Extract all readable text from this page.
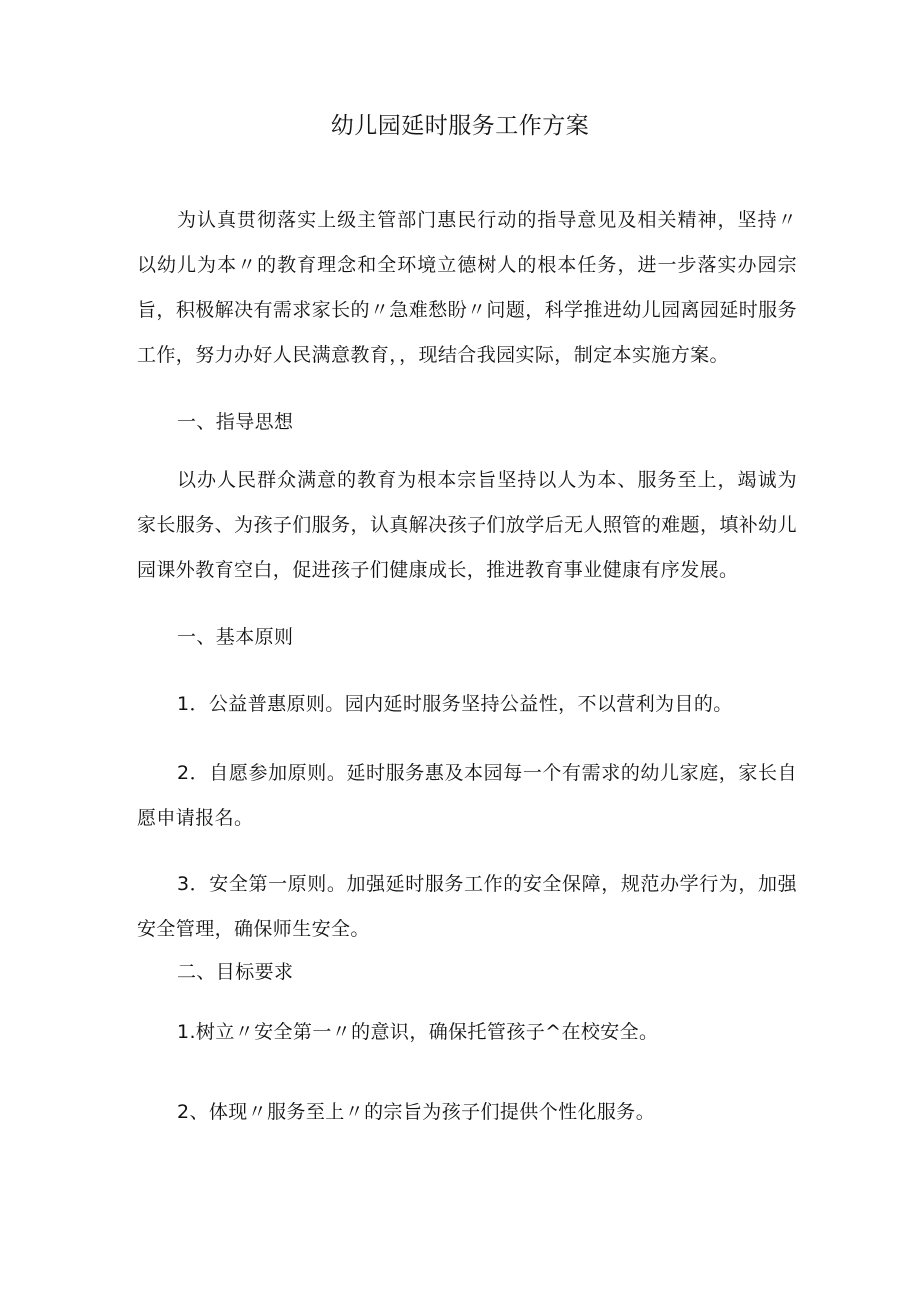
幼儿园延时服务工作方案

为认真贯彻落实上级主管部门惠民行动的指导意见及相关精神，坚持〃以幼儿为本〃的教育理念和全环境立德树人的根本任务，进一步落实办园宗旨，积极解决有需求家长的〃急难愁盼〃问题，科学推进幼儿园离园延时服务工作，努力办好人民满意教育，，现结合我园实际，制定本实施方案。

一、指导思想

以办人民群众满意的教育为根本宗旨坚持以人为本、服务至上，竭诚为家长服务、为孩子们服务，认真解决孩子们放学后无人照管的难题，填补幼儿园课外教育空白，促进孩子们健康成长，推进教育事业健康有序发展。

一、基本原则

1．公益普惠原则。园内延时服务坚持公益性，不以营利为目的。

2．自愿参加原则。延时服务惠及本园每一个有需求的幼儿家庭，家长自愿申请报名。

3．安全第一原则。加强延时服务工作的安全保障，规范办学行为，加强安全管理，确保师生安全。

二、目标要求

1.树立〃安全第一〃的意识，确保托管孩子^在校安全。

2、体现〃服务至上〃的宗旨为孩子们提供个性化服务。
